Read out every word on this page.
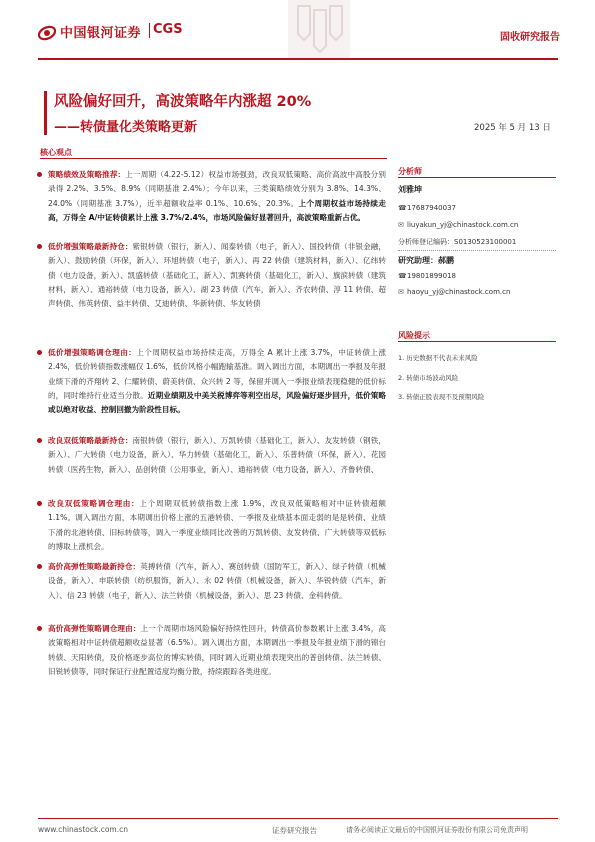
中国银河证券 CGS
固收研究报告
风险偏好回升，高波策略年内涨超 20%
——转债量化类策略更新	2025 年 5 月 13 日
核心观点
策略绩效及策略推荐：上一周期（4.22-5.12）权益市场强劲，改良双低策略、高价高波中高股分别录得 2.2%、3.5%、8.9%（同期基准 2.4%）；今年以来，三类策略绩效分别为 3.8%、14.3%、24.0%（同期基准 3.7%），近半超额收益率 0.1%、10.6%、20.3%。上个周期权益市场持续走高，万得全 A/中证转债累计上涨 3.7%/2.4%，市场风险偏好显著回升，高波策略重新占优。
低价增强策略最新持仓：紫银转债（银行，新入）、闻泰转债（电子，新入）、国投转债（非银金融，新入）、鼓励转债（环保，新入）、环旭转债（电子，新入）、再 22 转债（建筑材料，新入）、亿纬转债（电力设备，新入）、凯盛转债（基础化工，新入）、凯赛转债（基础化工，新入）、旗滨转债（建筑材料，新入）、通裕转债（电力设备，新入）、湖 23 转债（汽车，新入）、齐农转债、淳 11 转债、超声转债、伟英转债、益丰转债、艾迪转债、华新转债、华友转债
低价增强策略调仓理由：上个周期权益市场持续走高，万得全 A 累计上涨 3.7%，中证转债上涨 2.4%，低价转债指数涨幅仅 1.6%，低价风格小幅跑输基准。调入调出方面，本期调出一季报及年报业绩下滑的齐翔转 2、仁耀转债、蔚美转债、众兴转 2 等，保留并调入一季报业绩表现稳健的低价标的，同时维持行业适当分散。近期业绩期及中美关税博弈等利空出尽，风险偏好逐步回升，低价策略或以绝对收益、控制回撤为阶段性目标。
改良双低策略最新持仓：南银转债（银行，新入）、万凯转债（基础化工，新入）、友发转债（钢铁，新入）、广大转债（电力设备，新入）、华力转债（基础化工，新入）、乐普转债（环保，新入）、花园转债（医药生物，新入）、品创转债（公用事业，新入）、通裕转债（电力设备，新入）、齐鲁转债、
改良双低策略调仓理由：上个周期双低转债指数上涨 1.9%，改良双低策略相对中证转债超额 1.1%。调入调出方面，本期调出价格上涨的五港转债、一季报及业绩基本面走弱的是是转债、业绩下滑的北港转债、旧标转债等，调入一季度业绩同比改善的万凯转债、友发转债、广大转债等双低标的博取上涨机会。
高价高弹性策略最新持仓：英搏转债（汽车，新入）、赛创转债（国防军工，新入）、绿子转债（机械设备，新入）、申联转债（纺织服饰，新入）、永 02 转债（机械设备，新入）、华锐转债（汽车，新入）、信 23 转债（电子，新入）、法兰转债（机械设备，新入）、思 23 转债、金科转债。
高价高弹性策略调仓理由：上一个周期市场风险偏好持续性回升，转债高价参数累计上涨 3.4%，高波策略相对中证转债超额收益显著（6.5%）。调入调出方面，本期调出一季报及年报业绩下滑的锦台转债、天阳转债，及价格逐步高位的博实转债，同时调入近期业绩表现突出的普创转债、法兰转债、旧锐转债等，同时保证行业配置适度均衡分散，持续跟踪各类进度。
分析师
刘雅坤
☎17687940037
✉ liuyakun_yj@chinastock.com.cn
分析师登记编码：S0130523100001
研究助理：郝鹏
☎19801899018
✉ haoyu_yj@chinastock.com.cn
风险提示
1. 历史数据不代表未来风险
2. 转债市场波动风险
3. 转债正股表现不及预期风险
www.chinastock.com.cn	证券研究报告	请务必阅读正文最后的中国银河证券股份有限公司免责声明
